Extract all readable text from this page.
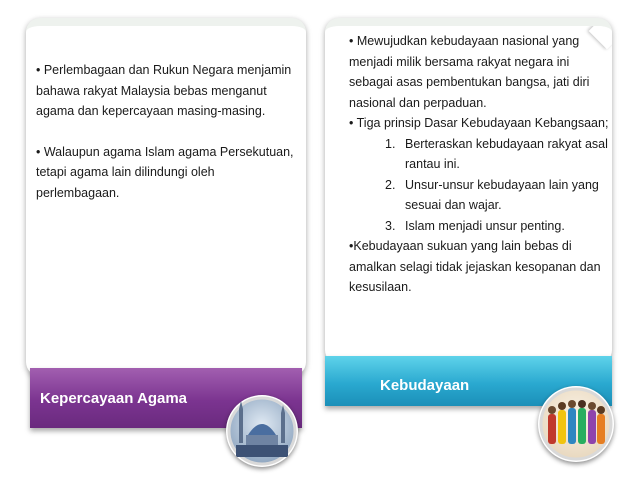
• Perlembagaan dan Rukun Negara menjamin bahawa rakyat Malaysia bebas menganut agama dan kepercayaan masing-masing.

• Walaupun agama Islam agama Persekutuan, tetapi agama lain dilindungi oleh perlembagaan.

Kepercayaan Agama

• Mewujudkan kebudayaan nasional yang menjadi milik bersama rakyat negara ini sebagai asas pembentukan bangsa, jati diri nasional dan perpaduan.

• Tiga prinsip Dasar Kebudayaan Kebangsaan;

1. Berteraskan kebudayaan rakyat asal rantau ini.
2. Unsur-unsur kebudayaan lain yang sesuai dan wajar.
3. Islam menjadi unsur penting.

•Kebudayaan sukuan yang lain bebas di amalkan selagi tidak jejaskan kesopanan dan kesusilaan.

Kebudayaan
